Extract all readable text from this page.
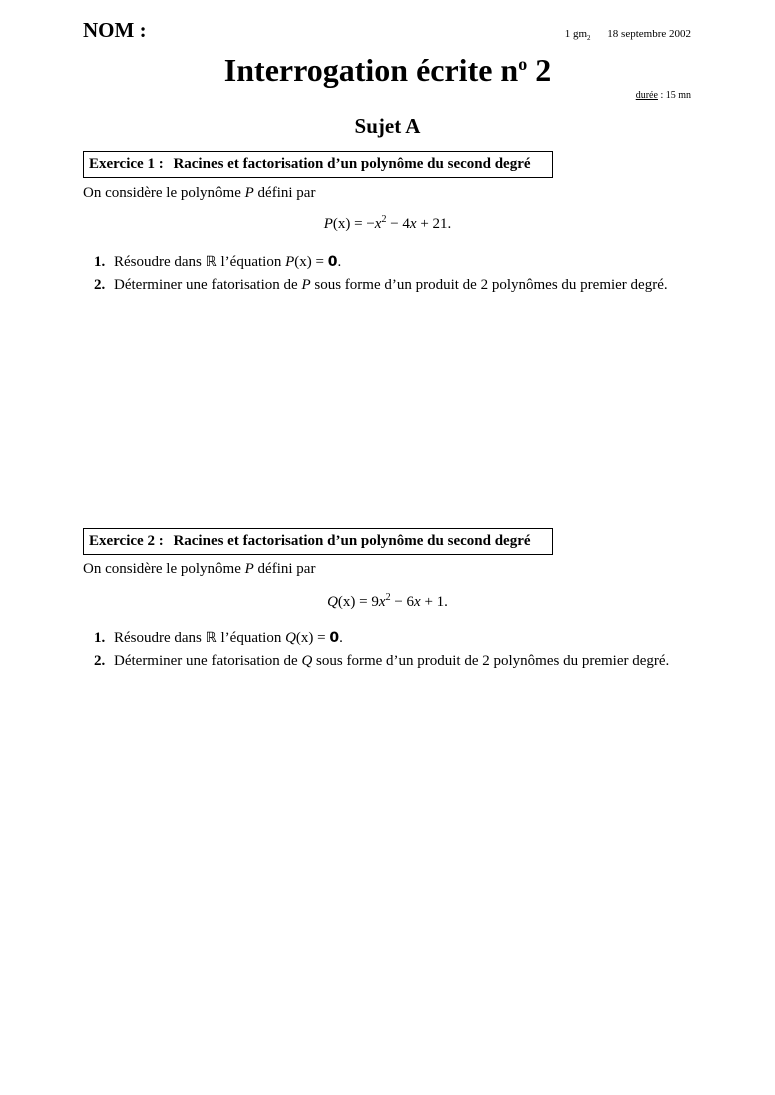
NOM :	1 $gm_2$ 18 septembre 2002
Interrogation écrite $n^o$ 2
durée : 15 mn
Sujet A
Exercice 1 : Racines et factorisation d’un polynôme du second degré
On considère le polynôme P défini par
$P(x) = -x^2 - 4x + 21$.
1. Résoudre dans ℝ l’équation P(x) = 0.
2. Déterminer une fatorisation de P sous forme d’un produit de 2 polynômes du premier degré.
Exercice 2 : Racines et factorisation d’un polynôme du second degré
On considère le polynôme P défini par
$Q(x) = 9x^2 - 6x + 1$.
1. Résoudre dans ℝ l’équation Q(x) = 0.
2. Déterminer une fatorisation de Q sous forme d’un produit de 2 polynômes du premier degré.
